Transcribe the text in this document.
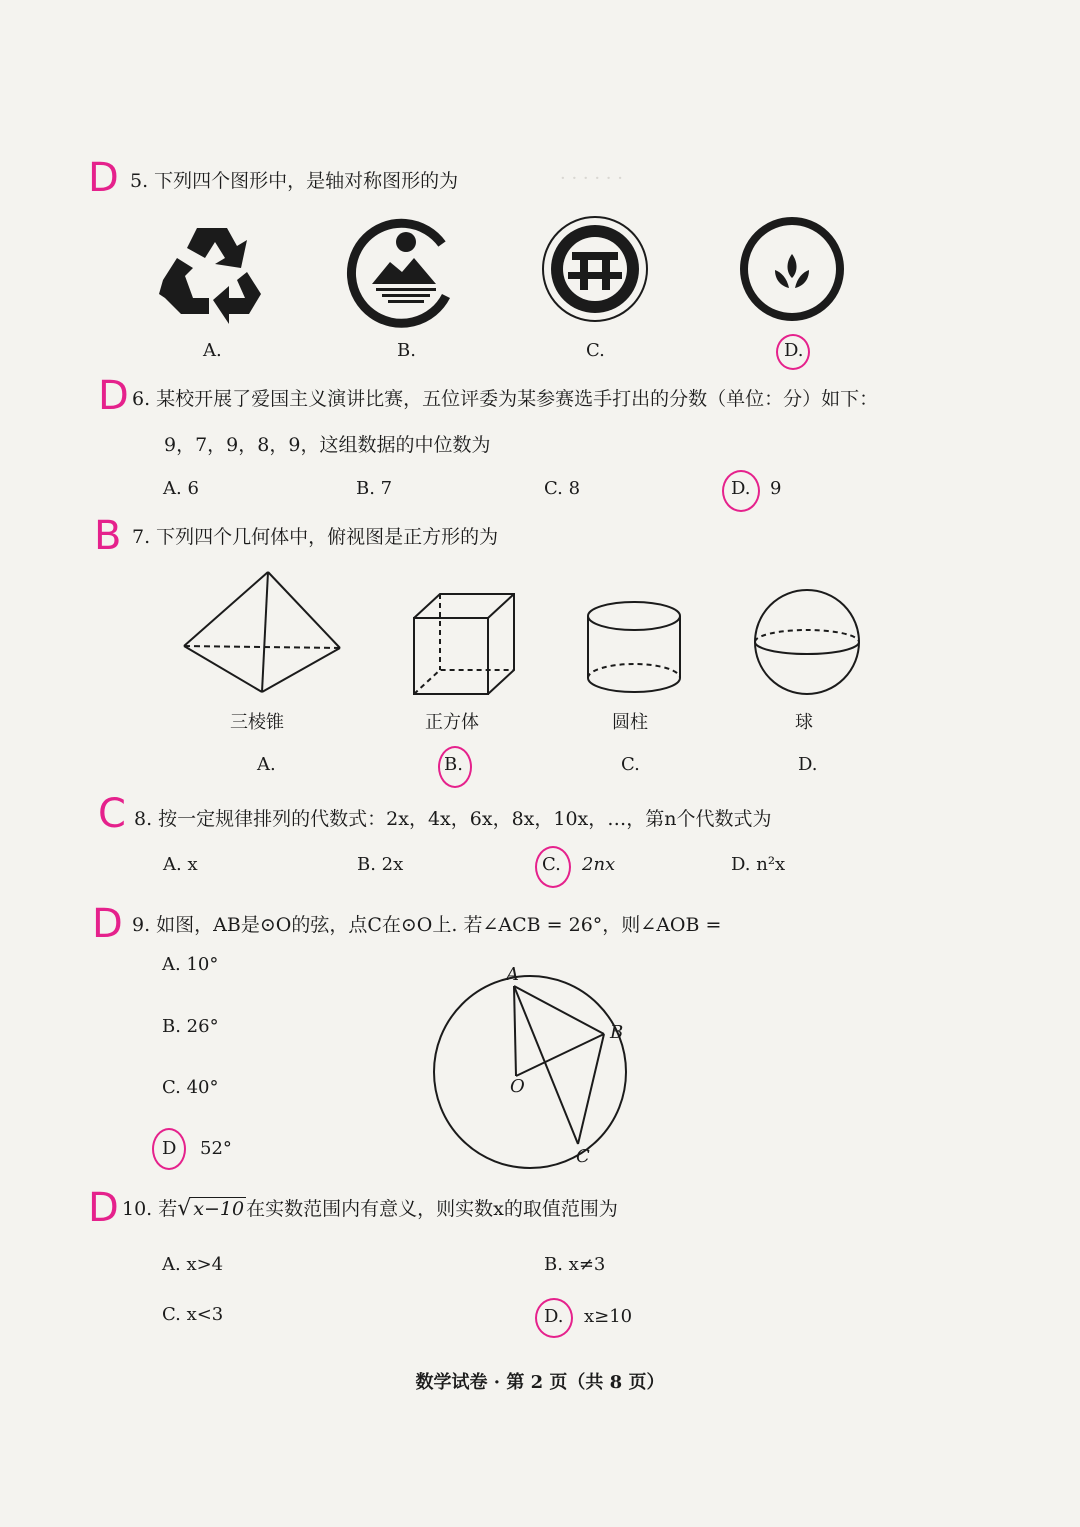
· · · · · ·
D 5. 下列四个图形中，是轴对称图形的为
A.	B.	C.	D.
D 6. 某校开展了爱国主义演讲比赛，五位评委为某参赛选手打出的分数（单位：分）如下：
9，7，9，8，9，这组数据的中位数为
A. 6	B. 7	C. 8	D. 9
B 7. 下列四个几何体中，俯视图是正方形的为
三棱锥	正方体	圆柱	球
A.	B.	C.	D.
C 8. 按一定规律排列的代数式：2x，4x，6x，8x，10x，…，第n个代数式为
A. x	B. 2x	C. 2nx	D. n²x
D 9. 如图，AB是⊙O的弦，点C在⊙O上. 若∠ACB = 26°，则∠AOB =
A. 10°
B. 26°
C. 40°
D 52°
A
B
O
C
D 10. 若√ x−10 在实数范围内有意义，则实数x的取值范围为
A. x>4	B. x≠3
C. x<3	D. x≥10
数学试卷 · 第 2 页（共 8 页）
